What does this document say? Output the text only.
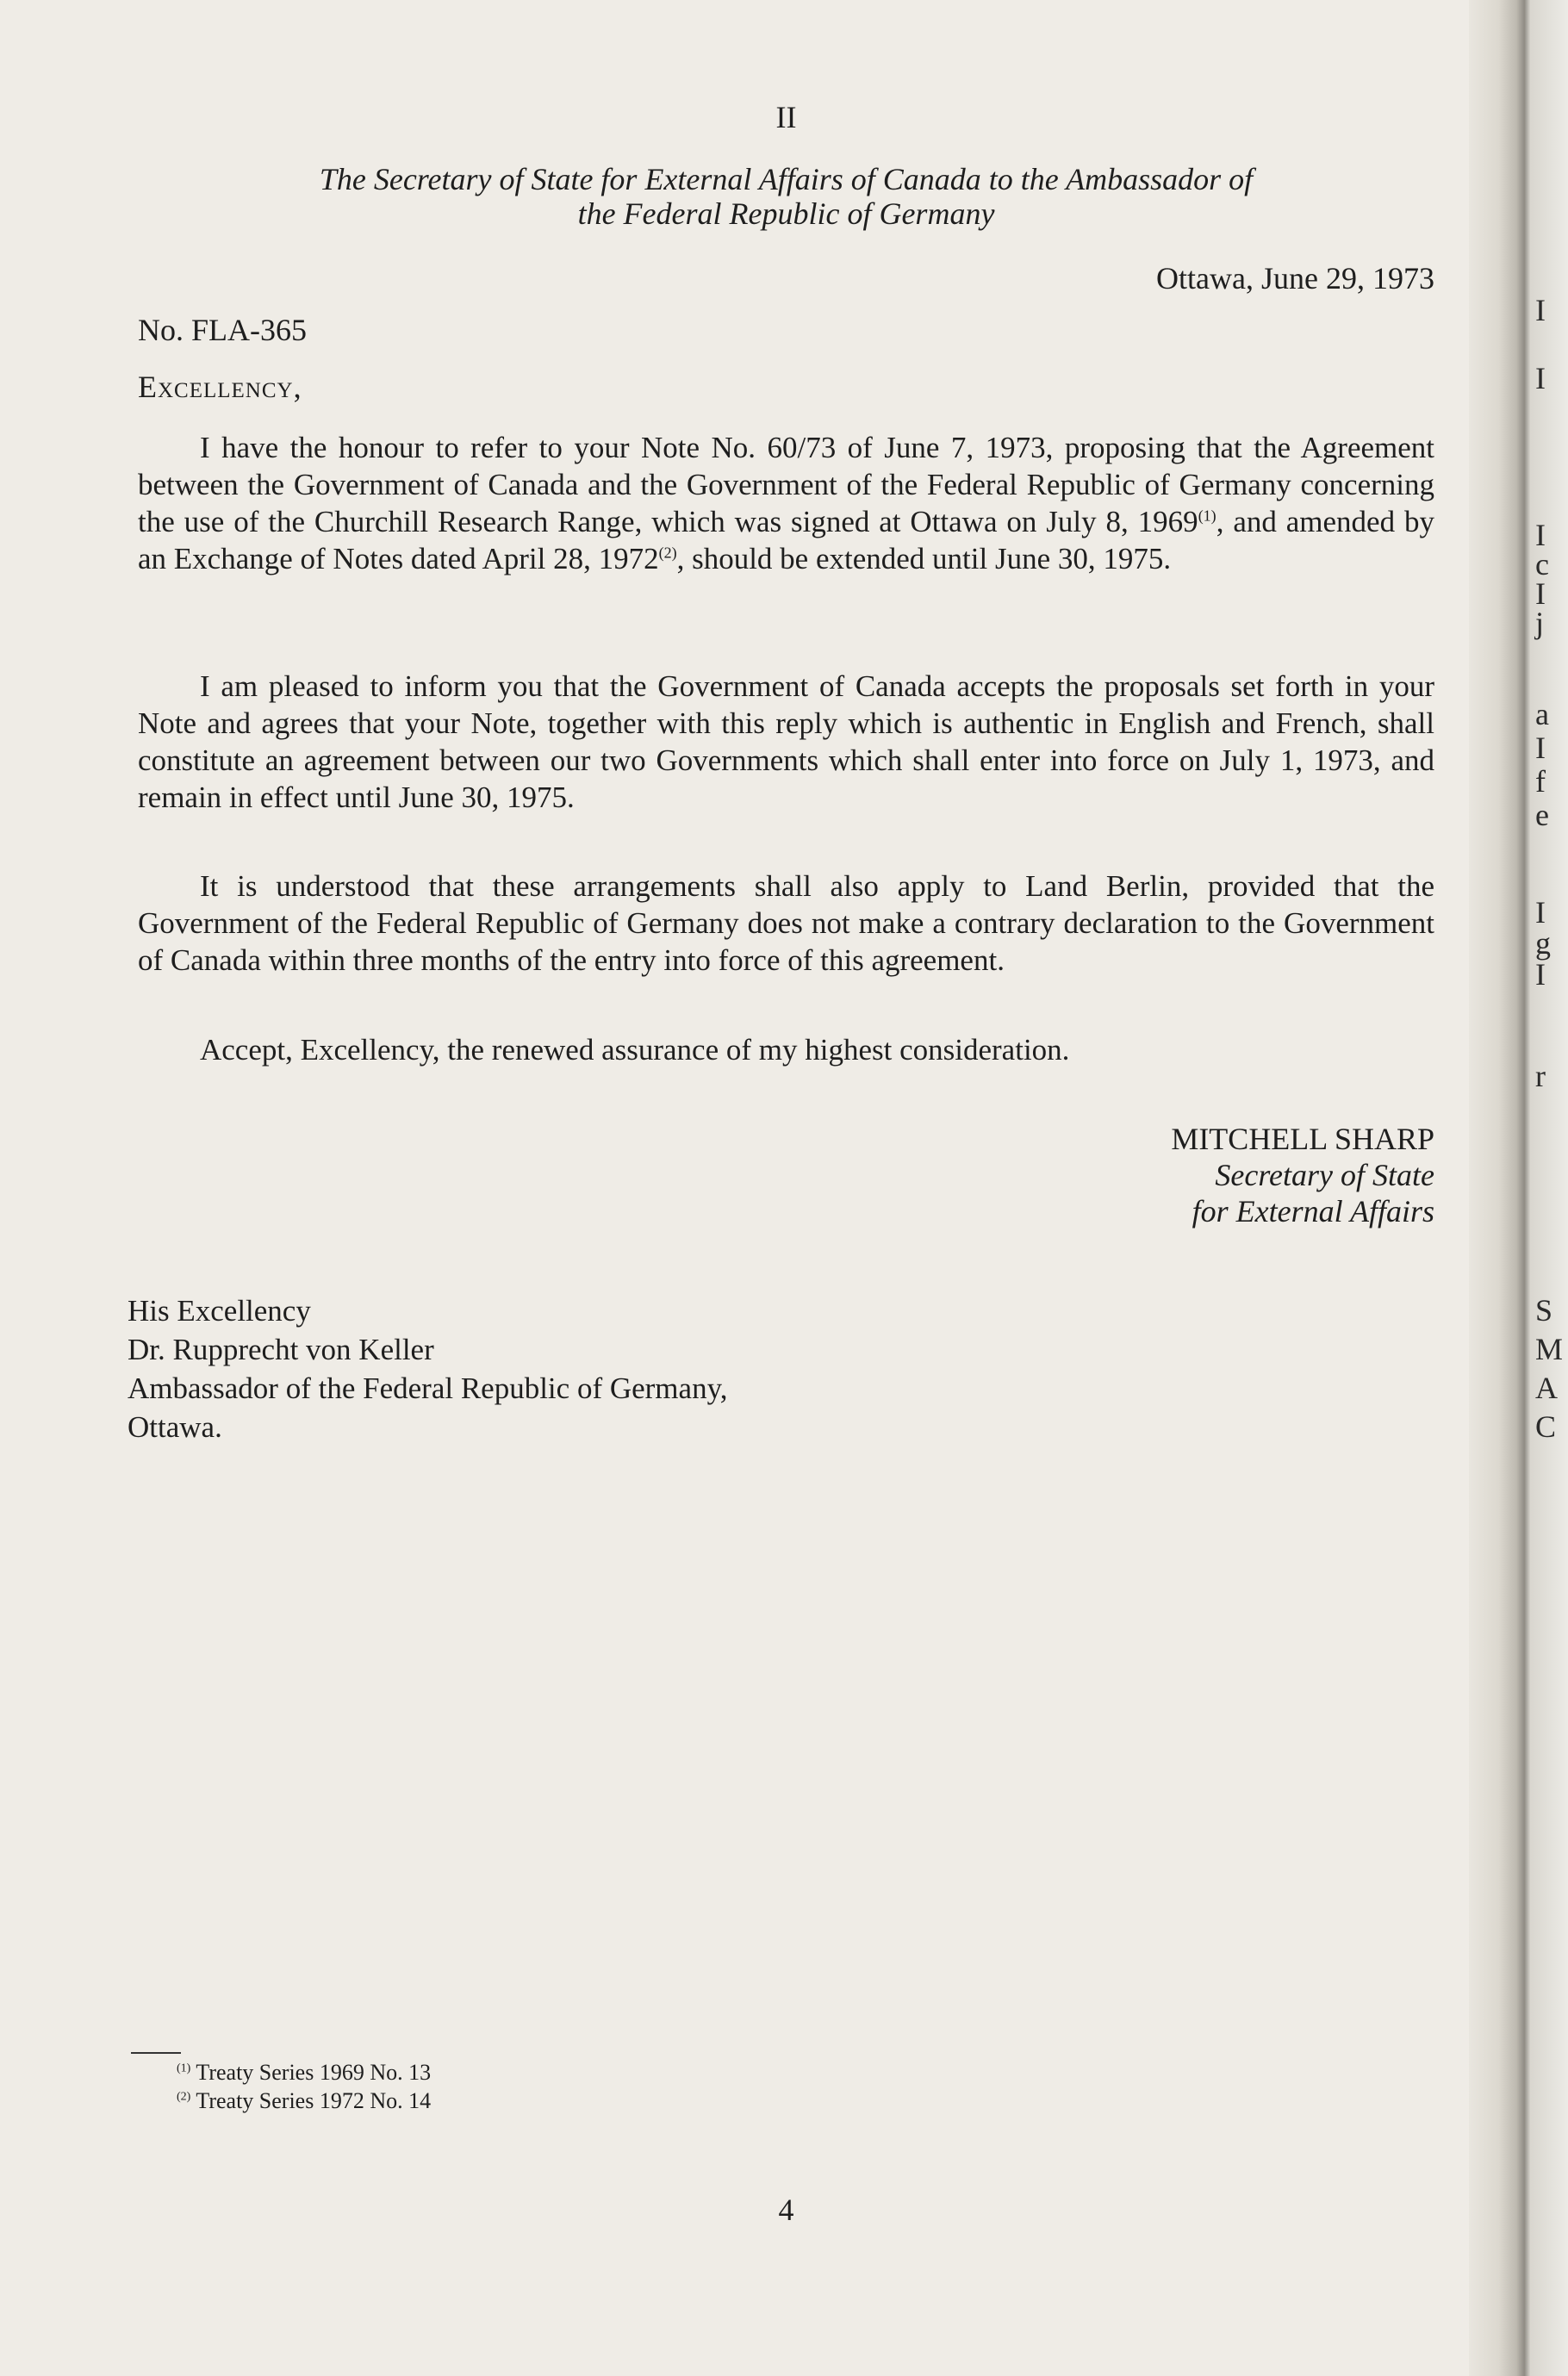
II
The Secretary of State for External Affairs of Canada to the Ambassador of
the Federal Republic of Germany
Ottawa, June 29, 1973
No. FLA-365
Excellency,
I have the honour to refer to your Note No. 60/73 of June 7, 1973, proposing that the Agreement between the Government of Canada and the Government of the Federal Republic of Germany concerning the use of the Churchill Research Range, which was signed at Ottawa on July 8, 1969$^{(1)}$, and amended by an Exchange of Notes dated April 28, 1972$^{(2)}$, should be extended until June 30, 1975.
I am pleased to inform you that the Government of Canada accepts the proposals set forth in your Note and agrees that your Note, together with this reply which is authentic in English and French, shall constitute an agreement between our two Governments which shall enter into force on July 1, 1973, and remain in effect until June 30, 1975.
It is understood that these arrangements shall also apply to Land Berlin, provided that the Government of the Federal Republic of Germany does not make a contrary declaration to the Government of Canada within three months of the entry into force of this agreement.
Accept, Excellency, the renewed assurance of my highest consideration.
MITCHELL SHARP
Secretary of State
for External Affairs
His Excellency
Dr. Rupprecht von Keller
Ambassador of the Federal Republic of Germany,
Ottawa.
$^{(1)}$ Treaty Series 1969 No. 13
$^{(2)}$ Treaty Series 1972 No. 14
4
I
I
I
c
I
j
a
I
f
e
I
g
I
r
S
M
A
C
